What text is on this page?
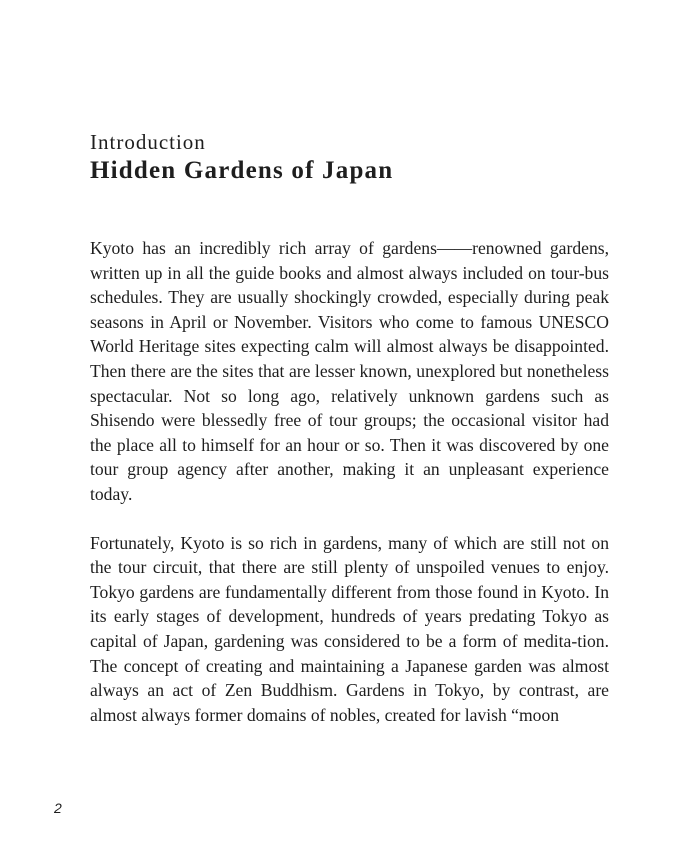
Introduction
Hidden Gardens of Japan

Kyoto has an incredibly rich array of gardens——renowned gardens, written up in all the guide books and almost always included on tour-bus schedules. They are usually shockingly crowded, especially during peak seasons in April or November. Visitors who come to famous UNESCO World Heritage sites expecting calm will almost always be disappointed. Then there are the sites that are lesser known, unexplored but nonetheless spectacular. Not so long ago, relatively unknown gardens such as Shisendo were blessedly free of tour groups; the occasional visitor had the place all to himself for an hour or so. Then it was discovered by one tour group agency after another, making it an unpleasant experience today.

Fortunately, Kyoto is so rich in gardens, many of which are still not on the tour circuit, that there are still plenty of unspoiled venues to enjoy. Tokyo gardens are fundamentally different from those found in Kyoto. In its early stages of development, hundreds of years predating Tokyo as capital of Japan, gardening was considered to be a form of medita-tion. The concept of creating and maintaining a Japanese garden was almost always an act of Zen Buddhism. Gardens in Tokyo, by contrast, are almost always former domains of nobles, created for lavish “moon

2
